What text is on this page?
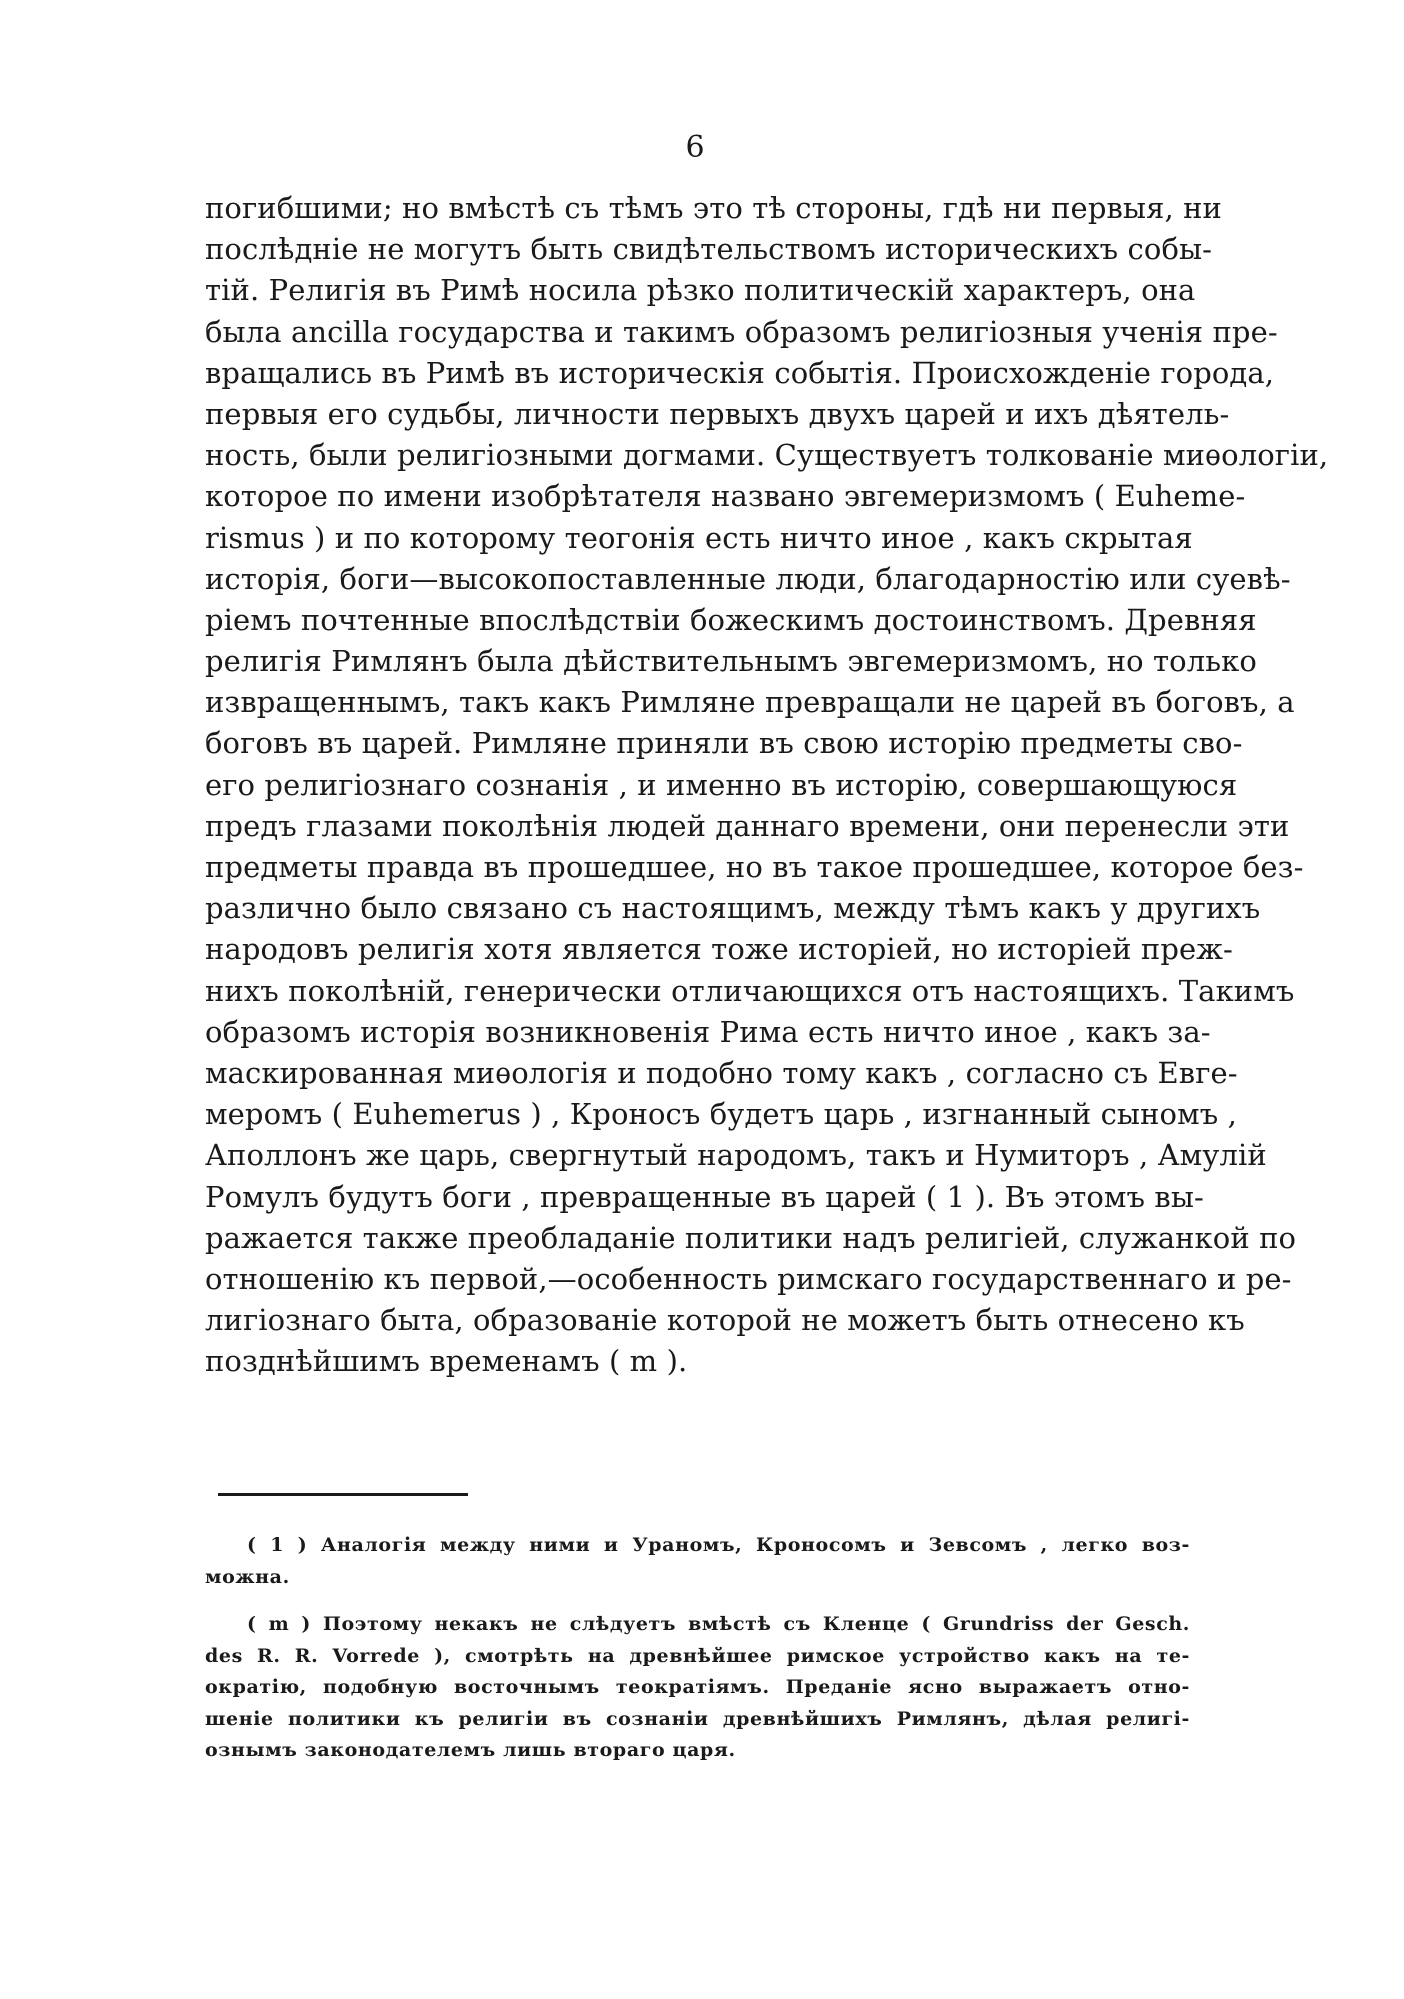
6
погибшими; но вмѣстѣ съ тѣмъ это тѣ стороны, гдѣ ни первыя, ни
послѣдніе не могутъ быть свидѣтельствомъ историческихъ собы-
тій. Религія въ Римѣ носила рѣзко политическій характеръ, она
была ancilla государства и такимъ образомъ религіозныя ученія пре-
вращались въ Римѣ въ историческія событія. Происхожденіе города,
первыя его судьбы, личности первыхъ двухъ царей и ихъ дѣятель-
ность, были религіозными догмами. Существуетъ толкованіе миѳологіи,
которое по имени изобрѣтателя названо эвгемеризмомъ ( Euheme-
rismus ) и по которому теогонія есть ничто иное , какъ скрытая
исторія, боги—высокопоставленные люди, благодарностію или суевѣ-
ріемъ почтенные впослѣдствіи божескимъ достоинствомъ. Древняя
религія Римлянъ была дѣйствительнымъ эвгемеризмомъ, но только
извращеннымъ, такъ какъ Римляне превращали не царей въ боговъ, а
боговъ въ царей. Римляне приняли въ свою исторію предметы сво-
его религіознаго сознанія , и именно въ исторію, совершающуюся
предъ глазами поколѣнія людей даннаго времени, они перенесли эти
предметы правда въ прошедшее, но въ такое прошедшее, которое без-
различно было связано съ настоящимъ, между тѣмъ какъ у другихъ
народовъ религія хотя является тоже исторіей, но исторіей преж-
нихъ поколѣній, генерически отличающихся отъ настоящихъ. Такимъ
образомъ исторія возникновенія Рима есть ничто иное , какъ за-
маскированная миѳологія и подобно тому какъ , согласно съ Евге-
меромъ ( Euhemerus ) , Кроносъ будетъ царь , изгнанный сыномъ ,
Аполлонъ же царь, свергнутый народомъ, такъ и Нумиторъ , Амулій
Ромулъ будутъ боги , превращенные въ царей ( 1 ). Въ этомъ вы-
ражается также преобладаніе политики надъ религіей, служанкой по
отношенію къ первой,—особенность римскаго государственнаго и ре-
лигіознаго быта, образованіе которой не можетъ быть отнесено къ
позднѣйшимъ временамъ ( m ).
( 1 ) Аналогія между ними и Ураномъ, Кроносомъ и Зевсомъ , легко воз-
можна.
( m ) Поэтому некакъ не слѣдуетъ вмѣстѣ съ Кленце ( Grundriss der Gesch.
des R. R. Vorrede ), смотрѣть на древнѣйшее римское устройство какъ на те-
ократію, подобную восточнымъ теократіямъ. Преданіе ясно выражаетъ отно-
шеніе политики къ религіи въ сознаніи древнѣйшихъ Римлянъ, дѣлая религі-
ознымъ законодателемъ лишь втораго царя.
